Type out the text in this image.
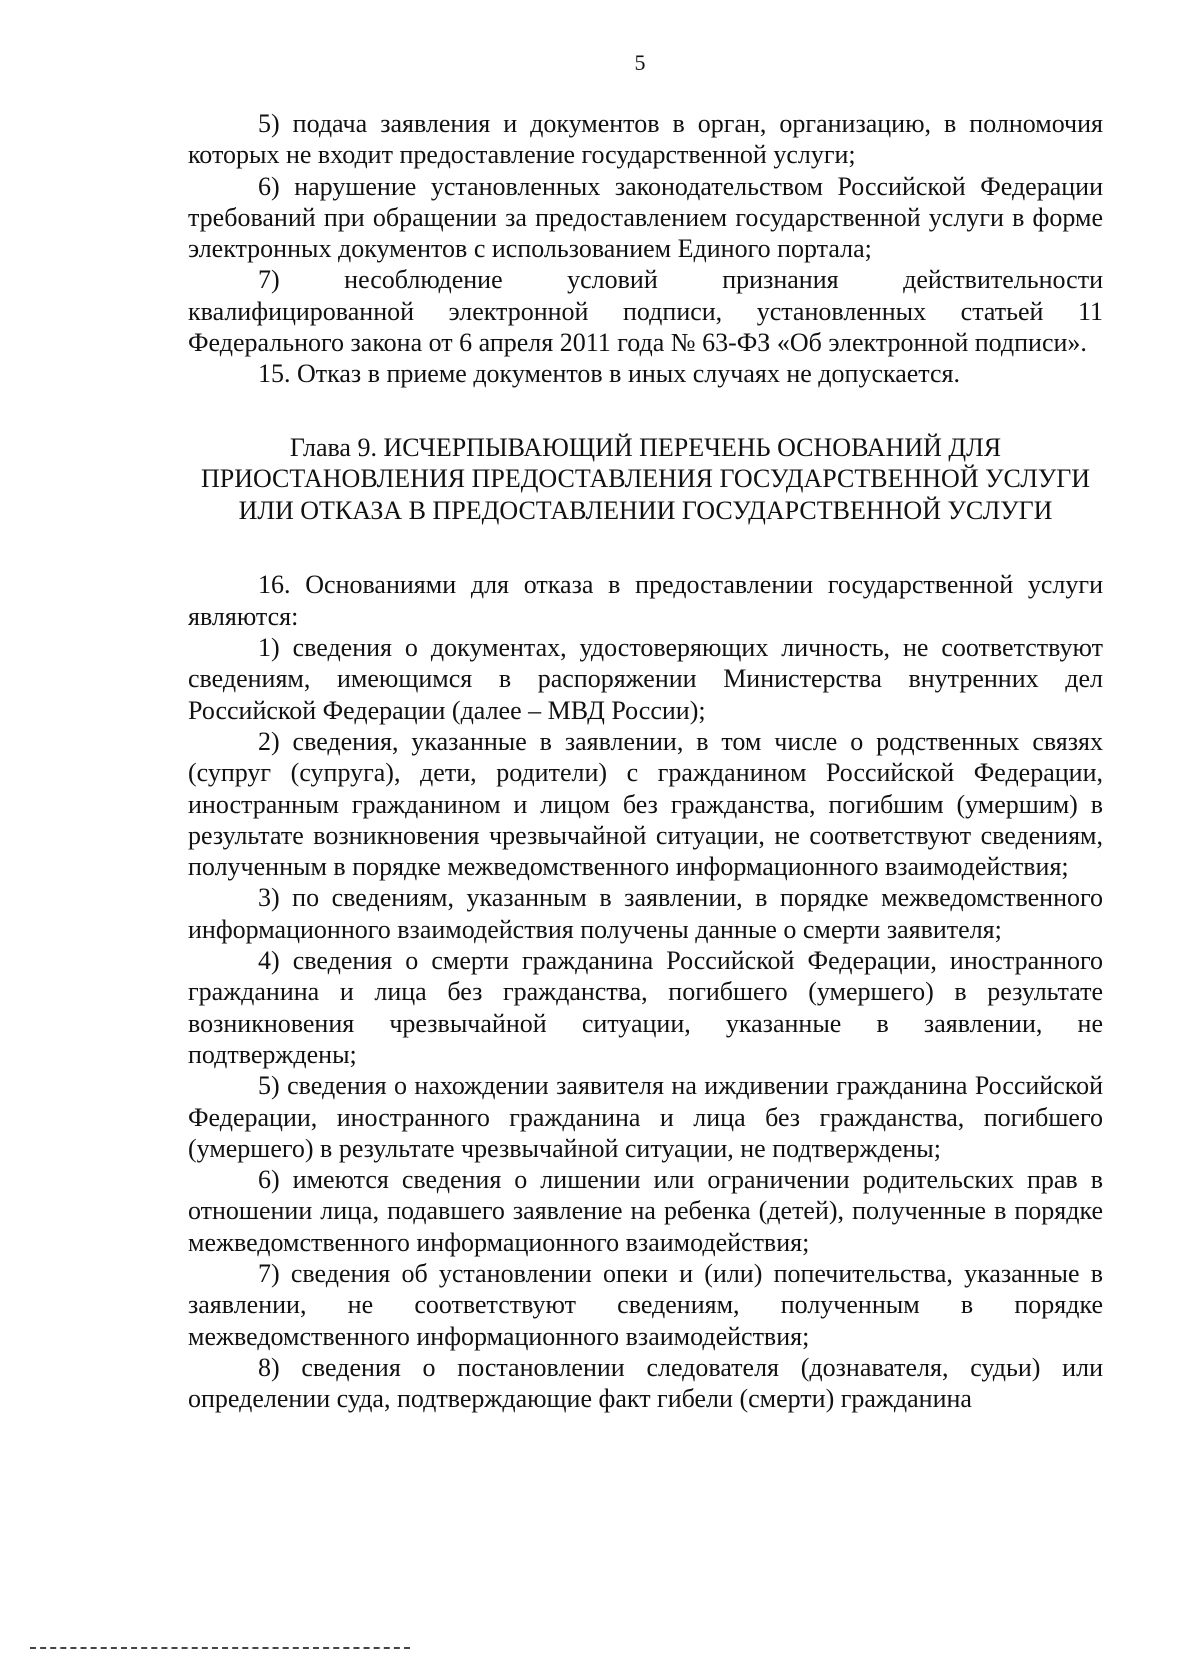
5

5) подача заявления и документов в орган, организацию, в полномочия которых не входит предоставление государственной услуги;

6) нарушение установленных законодательством Российской Федерации требований при обращении за предоставлением государственной услуги в форме электронных документов с использованием Единого портала;

7) несоблюдение условий признания действительности квалифицированной электронной подписи, установленных статьей 11 Федерального закона от 6 апреля 2011 года № 63-ФЗ «Об электронной подписи».

15. Отказ в приеме документов в иных случаях не допускается.

Глава 9. ИСЧЕРПЫВАЮЩИЙ ПЕРЕЧЕНЬ ОСНОВАНИЙ ДЛЯ ПРИОСТАНОВЛЕНИЯ ПРЕДОСТАВЛЕНИЯ ГОСУДАРСТВЕННОЙ УСЛУГИ ИЛИ ОТКАЗА В ПРЕДОСТАВЛЕНИИ ГОСУДАРСТВЕННОЙ УСЛУГИ

16. Основаниями для отказа в предоставлении государственной услуги являются:

1) сведения о документах, удостоверяющих личность, не соответствуют сведениям, имеющимся в распоряжении Министерства внутренних дел Российской Федерации (далее – МВД России);

2) сведения, указанные в заявлении, в том числе о родственных связях (супруг (супруга), дети, родители) с гражданином Российской Федерации, иностранным гражданином и лицом без гражданства, погибшим (умершим) в результате возникновения чрезвычайной ситуации, не соответствуют сведениям, полученным в порядке межведомственного информационного взаимодействия;

3) по сведениям, указанным в заявлении, в порядке межведомственного информационного взаимодействия получены данные о смерти заявителя;

4) сведения о смерти гражданина Российской Федерации, иностранного гражданина и лица без гражданства, погибшего (умершего) в результате возникновения чрезвычайной ситуации, указанные в заявлении, не подтверждены;

5) сведения о нахождении заявителя на иждивении гражданина Российской Федерации, иностранного гражданина и лица без гражданства, погибшего (умершего) в результате чрезвычайной ситуации, не подтверждены;

6) имеются сведения о лишении или ограничении родительских прав в отношении лица, подавшего заявление на ребенка (детей), полученные в порядке межведомственного информационного взаимодействия;

7) сведения об установлении опеки и (или) попечительства, указанные в заявлении, не соответствуют сведениям, полученным в порядке межведомственного информационного взаимодействия;

8) сведения о постановлении следователя (дознавателя, судьи) или определении суда, подтверждающие факт гибели (смерти) гражданина
